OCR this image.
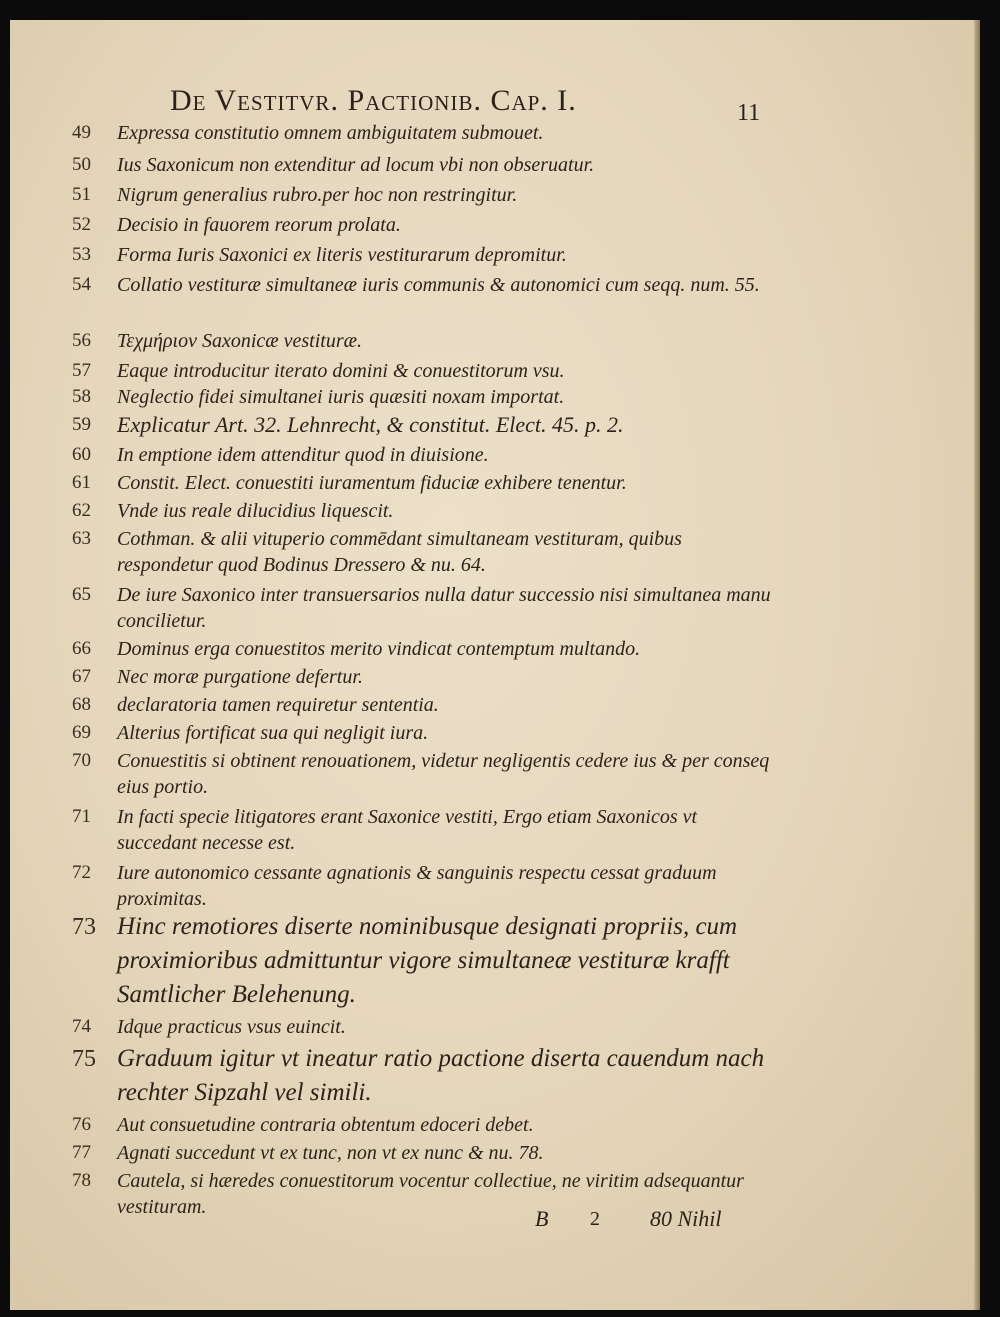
De Vestitvr. Pactionib. Cap. I.	11
49	Expressa constitutio omnem ambiguitatem submouet.
50	Ius Saxonicum non extenditur ad locum vbi non obseruatur.
51	Nigrum generalius rubro.per hoc non restringitur.
52	Decisio in fauorem reorum prolata.
53	Forma Iuris Saxonici ex literis vestiturarum depromitur.
54	Collatio vestituræ simultaneæ iuris communis & autonomici cum seqq. num. 55.
56	Τεχμήριον Saxonicæ vestituræ.
57	Eaque introducitur iterato domini & conuestitorum vsu.
58	Neglectio fidei simultanei iuris quæsiti noxam importat.
59	Explicatur Art. 32. Lehnrecht, & constitut. Elect. 45. p. 2.
60	In emptione idem attenditur quod in diuisione.
61	Constit. Elect. conuestiti iuramentum fiduciæ exhibere tenentur.
62	Vnde ius reale dilucidius liquescit.
63	Cothman. & alii vituperio commēdant simultaneam vestituram, quibus respondetur quod Bodinus Dressero & nu. 64.
65	De iure Saxonico inter transuersarios nulla datur successio nisi simultanea manu concilietur.
66	Dominus erga conuestitos merito vindicat contemptum multando.
67	Nec moræ purgatione defertur.
68	declaratoria tamen requiretur sententia.
69	Alterius fortificat sua qui negligit iura.
70	Conuestitis si obtinent renouationem, videtur negligentis cedere ius & per conseq eius portio.
71	In facti specie litigatores erant Saxonice vestiti, Ergo etiam Saxonicos vt succedant necesse est.
72	Iure autonomico cessante agnationis & sanguinis respectu cessat graduum proximitas.
73 Hinc remotiores diserte nominibusque designati propriis, cum proximioribus admittuntur vigore simultaneæ vestituræ krafft Samtlicher Belehenung.
74	Idque practicus vsus euincit.
75 Graduum igitur vt ineatur ratio pactione diserta cauendum nach rechter Sipzahl vel simili.
76	Aut consuetudine contraria obtentum edoceri debet.
77	Agnati succedunt vt ex tunc, non vt ex nunc & nu. 78.
78	Cautela, si hæredes conuestitorum vocentur collectiue, ne viritim adsequantur vestituram.	B 2 80 Nihil
